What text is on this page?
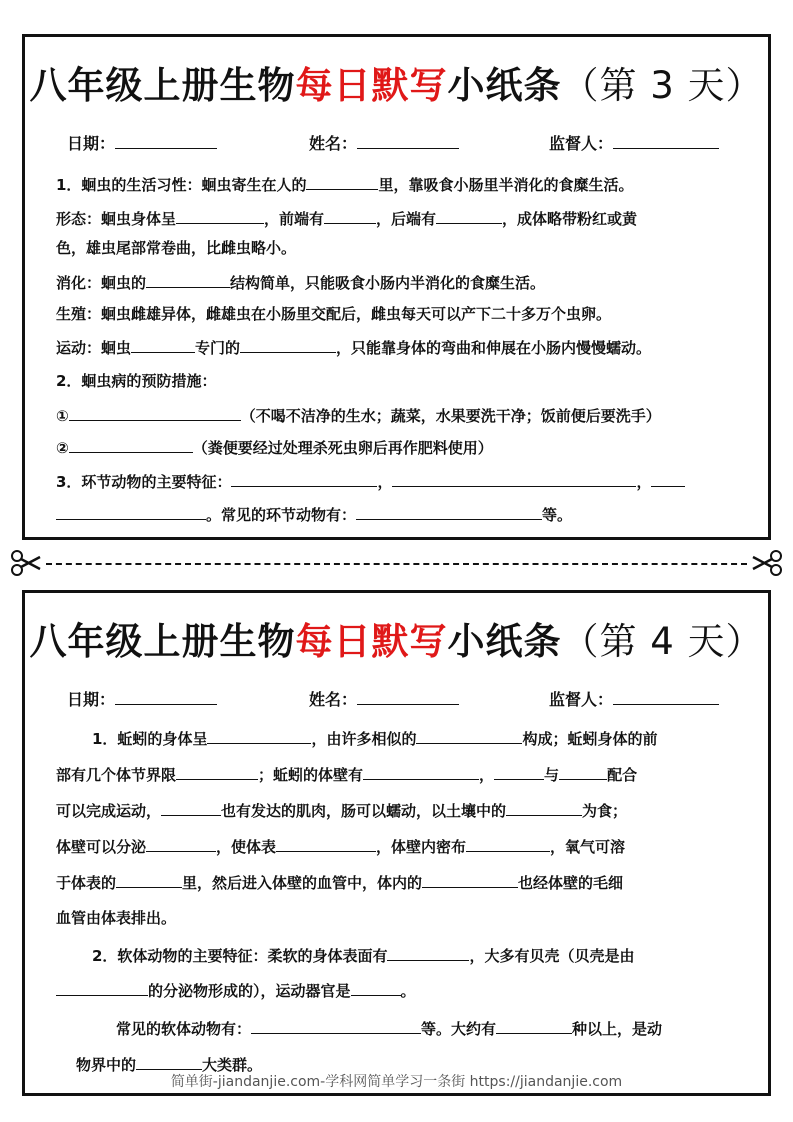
八年级上册生物每日默写小纸条（第 3 天）
日期：	姓名：	监督人：
1．蛔虫的生活习性：蛔虫寄生在人的	里，靠吸食小肠里半消化的食糜生活。
形态：蛔虫身体呈	，前端有	，后端有	，成体略带粉红或黄
色，雄虫尾部常卷曲，比雌虫略小。
消化：蛔虫的	结构简单，只能吸食小肠内半消化的食糜生活。
生殖：蛔虫雌雄异体，雌雄虫在小肠里交配后，雌虫每天可以产下二十多万个虫卵。
运动：蛔虫	专门的	，只能靠身体的弯曲和伸展在小肠内慢慢蠕动。
2．蛔虫病的预防措施：
①	（不喝不洁净的生水；蔬菜，水果要洗干净；饭前便后要洗手）
②	（粪便要经过处理杀死虫卵后再作肥料使用）
3．环节动物的主要特征：	，	，
。常见的环节动物有：	等。
八年级上册生物每日默写小纸条（第 4 天）
日期：	姓名：	监督人：
1．蚯蚓的身体呈	，由许多相似的	构成；蚯蚓身体的前
部有几个体节界限	；蚯蚓的体壁有	，	与	配合
可以完成运动，	也有发达的肌肉，肠可以蠕动，以土壤中的	为食；
体壁可以分泌	，使体表	，体壁内密布	，氧气可溶
于体表的	里，然后进入体壁的血管中，体内的	也经体壁的毛细
血管由体表排出。
2．软体动物的主要特征：柔软的身体表面有	，大多有贝壳（贝壳是由
的分泌物形成的），运动器官是	。
常见的软体动物有：	等。大约有	种以上，是动
物界中的	大类群。
简单街-jiandanjie.com-学科网简单学习一条街 https://jiandanjie.com
